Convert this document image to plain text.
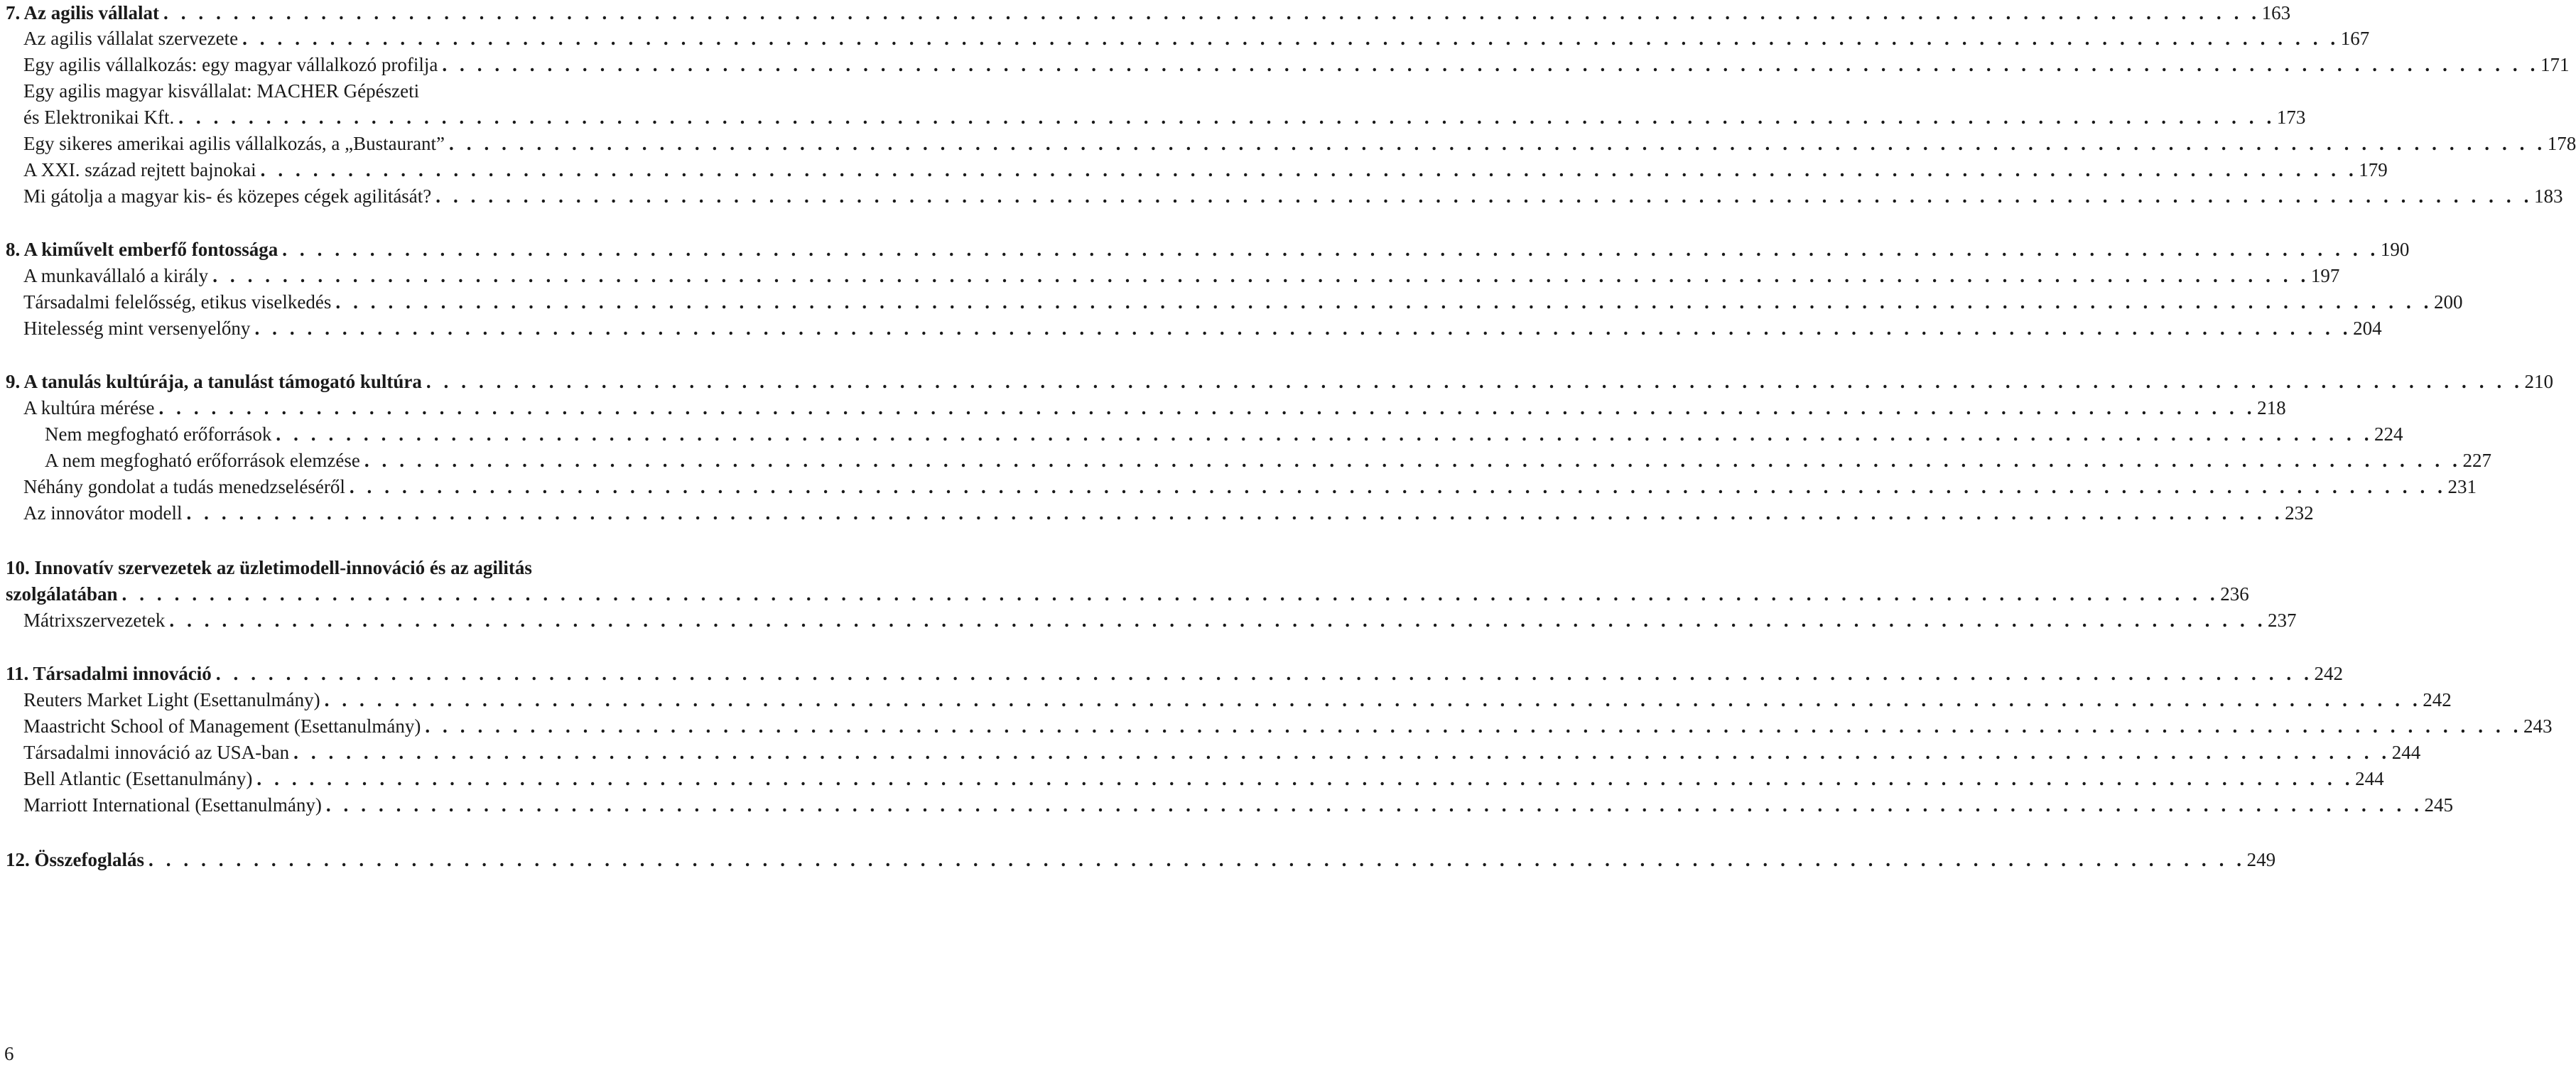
7. Az agilis vállalat . . . . . . . . . . . . . . . . . . . . . . . . . . . . . . . . . . . . . . . . . . . . . . . . . . . . . . . . . . . . . . . . . . . . . . . . . . . . . . . . . . . . . . . . . . . . . . . . . . . . . . . . . . . . . . . . . . . . . . . . 163
Az agilis vállalat szervezete . . . . . . . . . . . . . . . . . . . . . . . . . . . . . . . . . . . . . . . . . . . . . . . . . . . . . . . . . . . . . . . . . . . . . . . . . . . . . . . . . . . . . . . . . . . . . . . . . . . . . . . . . . . . . . . . . . . . . . . . 167
Egy agilis vállalkozás: egy magyar vállalkozó profilja . . . . . . . . . . . . . . . . . . . . . . . . . . . . . . . . . . . . . . . . . . . . . . . . . . . . . . . . . . . . . . . . . . . . . . . . . . . . . . . . . . . . . . . . . . . . . . . . . . . . . . . . . . . . . . . . . . . . . . . . 171
Egy agilis magyar kisvállalat: MACHER Gépészeti
és Elektronikai Kft. . . . . . . . . . . . . . . . . . . . . . . . . . . . . . . . . . . . . . . . . . . . . . . . . . . . . . . . . . . . . . . . . . . . . . . . . . . . . . . . . . . . . . . . . . . . . . . . . . . . . . . . . . . . . . . . . . . . . . . . . 173
Egy sikeres amerikai agilis vállalkozás, a „Bustaurant” . . . . . . . . . . . . . . . . . . . . . . . . . . . . . . . . . . . . . . . . . . . . . . . . . . . . . . . . . . . . . . . . . . . . . . . . . . . . . . . . . . . . . . . . . . . . . . . . . . . . . . . . . . . . . . . . . . . . . . . . 178
A XXI. század rejtett bajnokai . . . . . . . . . . . . . . . . . . . . . . . . . . . . . . . . . . . . . . . . . . . . . . . . . . . . . . . . . . . . . . . . . . . . . . . . . . . . . . . . . . . . . . . . . . . . . . . . . . . . . . . . . . . . . . . . . . . . . . . . 179
Mi gátolja a magyar kis- és közepes cégek agilitását? . . . . . . . . . . . . . . . . . . . . . . . . . . . . . . . . . . . . . . . . . . . . . . . . . . . . . . . . . . . . . . . . . . . . . . . . . . . . . . . . . . . . . . . . . . . . . . . . . . . . . . . . . . . . . . . . . . . . . . . . 183
8. A kiművelt emberfő fontossága . . . . . . . . . . . . . . . . . . . . . . . . . . . . . . . . . . . . . . . . . . . . . . . . . . . . . . . . . . . . . . . . . . . . . . . . . . . . . . . . . . . . . . . . . . . . . . . . . . . . . . . . . . . . . . . . . . . . . . . . 190
A munkavállaló a király . . . . . . . . . . . . . . . . . . . . . . . . . . . . . . . . . . . . . . . . . . . . . . . . . . . . . . . . . . . . . . . . . . . . . . . . . . . . . . . . . . . . . . . . . . . . . . . . . . . . . . . . . . . . . . . . . . . . . . . . 197
Társadalmi felelősség, etikus viselkedés . . . . . . . . . . . . . . . . . . . . . . . . . . . . . . . . . . . . . . . . . . . . . . . . . . . . . . . . . . . . . . . . . . . . . . . . . . . . . . . . . . . . . . . . . . . . . . . . . . . . . . . . . . . . . . . . . . . . . . . . 200
Hitelesség mint versenyelőny . . . . . . . . . . . . . . . . . . . . . . . . . . . . . . . . . . . . . . . . . . . . . . . . . . . . . . . . . . . . . . . . . . . . . . . . . . . . . . . . . . . . . . . . . . . . . . . . . . . . . . . . . . . . . . . . . . . . . . . . 204
9. A tanulás kultúrája, a tanulást támogató kultúra . . . . . . . . . . . . . . . . . . . . . . . . . . . . . . . . . . . . . . . . . . . . . . . . . . . . . . . . . . . . . . . . . . . . . . . . . . . . . . . . . . . . . . . . . . . . . . . . . . . . . . . . . . . . . . . . . . . . . . . . 210
A kultúra mérése . . . . . . . . . . . . . . . . . . . . . . . . . . . . . . . . . . . . . . . . . . . . . . . . . . . . . . . . . . . . . . . . . . . . . . . . . . . . . . . . . . . . . . . . . . . . . . . . . . . . . . . . . . . . . . . . . . . . . . . . 218
Nem megfogható erőforrások . . . . . . . . . . . . . . . . . . . . . . . . . . . . . . . . . . . . . . . . . . . . . . . . . . . . . . . . . . . . . . . . . . . . . . . . . . . . . . . . . . . . . . . . . . . . . . . . . . . . . . . . . . . . . . . . . . . . . . . . 224
A nem megfogható erőforrások elemzése . . . . . . . . . . . . . . . . . . . . . . . . . . . . . . . . . . . . . . . . . . . . . . . . . . . . . . . . . . . . . . . . . . . . . . . . . . . . . . . . . . . . . . . . . . . . . . . . . . . . . . . . . . . . . . . . . . . . . . . . 227
Néhány gondolat a tudás menedzseléséről . . . . . . . . . . . . . . . . . . . . . . . . . . . . . . . . . . . . . . . . . . . . . . . . . . . . . . . . . . . . . . . . . . . . . . . . . . . . . . . . . . . . . . . . . . . . . . . . . . . . . . . . . . . . . . . . . . . . . . . . 231
Az innovátor modell . . . . . . . . . . . . . . . . . . . . . . . . . . . . . . . . . . . . . . . . . . . . . . . . . . . . . . . . . . . . . . . . . . . . . . . . . . . . . . . . . . . . . . . . . . . . . . . . . . . . . . . . . . . . . . . . . . . . . . . . 232
10. Innovatív szervezetek az üzletimodell-innováció és az agilitás
szolgálatában . . . . . . . . . . . . . . . . . . . . . . . . . . . . . . . . . . . . . . . . . . . . . . . . . . . . . . . . . . . . . . . . . . . . . . . . . . . . . . . . . . . . . . . . . . . . . . . . . . . . . . . . . . . . . . . . . . . . . . . . 236
Mátrixszervezetek . . . . . . . . . . . . . . . . . . . . . . . . . . . . . . . . . . . . . . . . . . . . . . . . . . . . . . . . . . . . . . . . . . . . . . . . . . . . . . . . . . . . . . . . . . . . . . . . . . . . . . . . . . . . . . . . . . . . . . . . 237
11. Társadalmi innováció . . . . . . . . . . . . . . . . . . . . . . . . . . . . . . . . . . . . . . . . . . . . . . . . . . . . . . . . . . . . . . . . . . . . . . . . . . . . . . . . . . . . . . . . . . . . . . . . . . . . . . . . . . . . . . . . . . . . . . . . 242
Reuters Market Light (Esettanulmány) . . . . . . . . . . . . . . . . . . . . . . . . . . . . . . . . . . . . . . . . . . . . . . . . . . . . . . . . . . . . . . . . . . . . . . . . . . . . . . . . . . . . . . . . . . . . . . . . . . . . . . . . . . . . . . . . . . . . . . . . 242
Maastricht School of Management (Esettanulmány) . . . . . . . . . . . . . . . . . . . . . . . . . . . . . . . . . . . . . . . . . . . . . . . . . . . . . . . . . . . . . . . . . . . . . . . . . . . . . . . . . . . . . . . . . . . . . . . . . . . . . . . . . . . . . . . . . . . . . . . . 243
Társadalmi innováció az USA-ban . . . . . . . . . . . . . . . . . . . . . . . . . . . . . . . . . . . . . . . . . . . . . . . . . . . . . . . . . . . . . . . . . . . . . . . . . . . . . . . . . . . . . . . . . . . . . . . . . . . . . . . . . . . . . . . . . . . . . . . . 244
Bell Atlantic (Esettanulmány) . . . . . . . . . . . . . . . . . . . . . . . . . . . . . . . . . . . . . . . . . . . . . . . . . . . . . . . . . . . . . . . . . . . . . . . . . . . . . . . . . . . . . . . . . . . . . . . . . . . . . . . . . . . . . . . . . . . . . . . . 244
Marriott International (Esettanulmány) . . . . . . . . . . . . . . . . . . . . . . . . . . . . . . . . . . . . . . . . . . . . . . . . . . . . . . . . . . . . . . . . . . . . . . . . . . . . . . . . . . . . . . . . . . . . . . . . . . . . . . . . . . . . . . . . . . . . . . . . 245
12. Összefoglalás . . . . . . . . . . . . . . . . . . . . . . . . . . . . . . . . . . . . . . . . . . . . . . . . . . . . . . . . . . . . . . . . . . . . . . . . . . . . . . . . . . . . . . . . . . . . . . . . . . . . . . . . . . . . . . . . . . . . . . . . 249
6
